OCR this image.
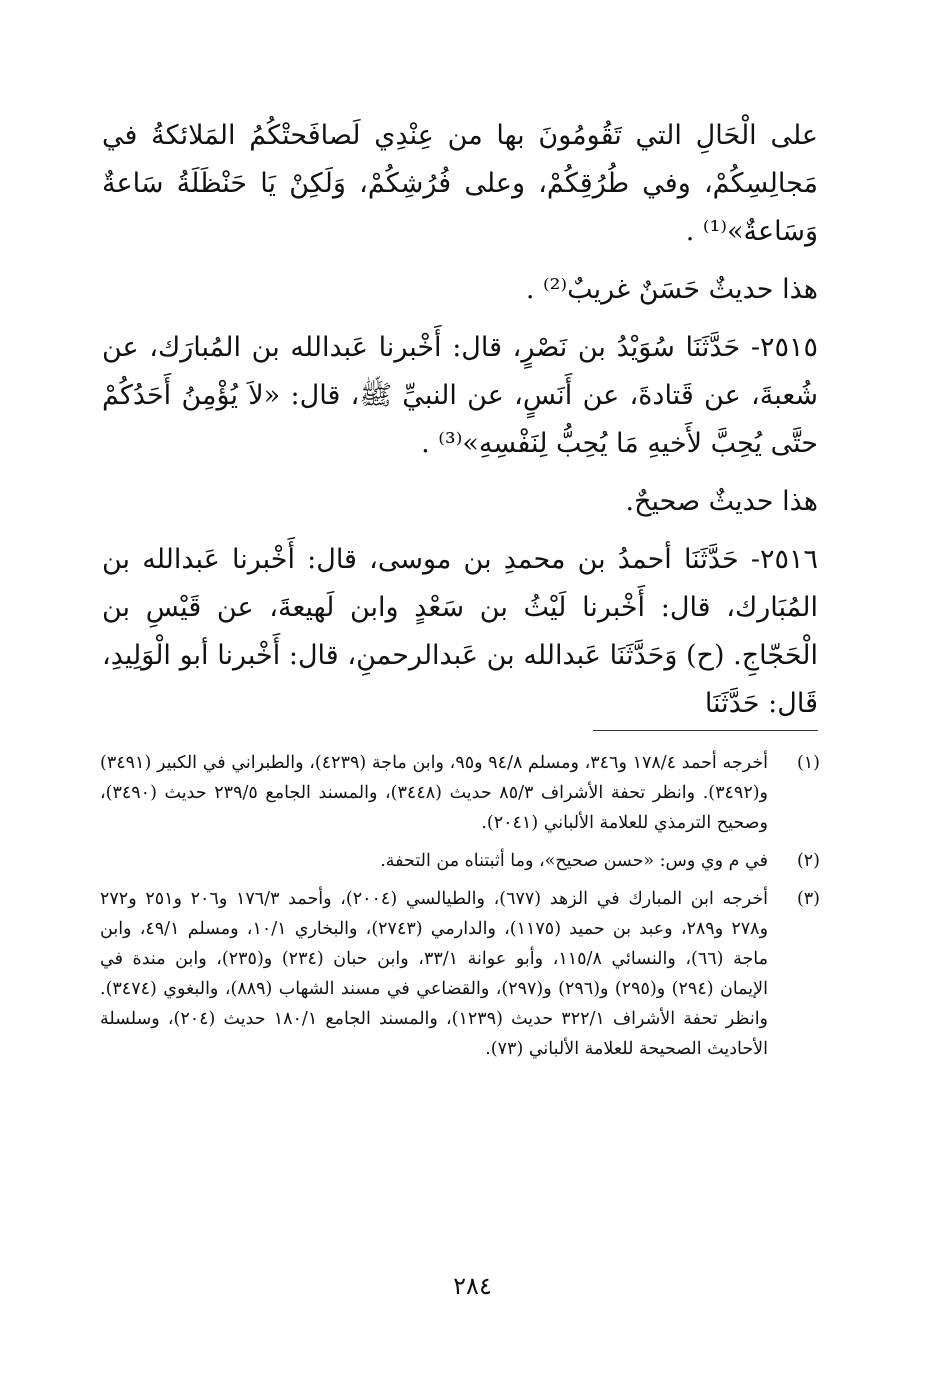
على الْحَالِ التي تَقُومُونَ بها من عِنْدِي لَصافَحتْكُمُ المَلائكةُ في مَجالِسِكُمْ، وفي طُرُقِكُمْ، وعلى فُرُشِكُمْ، وَلَكِنْ يَا حَنْظَلَةُ سَاعةٌ وَسَاعةٌ»⁽¹⁾ .

هذا حديثٌ حَسَنٌ غريبٌ⁽²⁾ .

٢٥١٥- حَدَّثَنَا سُوَيْدُ بن نَصْرٍ، قال: أَخْبرنا عَبدالله بن المُبارَك، عن شُعبةَ، عن قَتادةَ، عن أَنَسٍ، عن النبيِّ ﷺ، قال: «لاَ يُؤْمِنُ أَحَدُكُمْ حتَّى يُحِبَّ لأَخيهِ مَا يُحِبُّ لِنَفْسِهِ»⁽³⁾ .

هذا حديثٌ صحيحٌ.

٢٥١٦- حَدَّثَنَا أحمدُ بن محمدِ بن موسى، قال: أَخْبرنا عَبدالله بن المُبَارك، قال: أَخْبرنا لَيْثُ بن سَعْدٍ وابن لَهيعةَ، عن قَيْسِ بن الْحَجّاجِ. (ح) وَحَدَّثَنَا عَبدالله بن عَبدالرحمنِ، قال: أَخْبرنا أبو الْوَلِيدِ، قَال: حَدَّثَنَا

(١)
أخرجه أحمد ١٧٨/٤ و٣٤٦، ومسلم ٩٤/٨ و٩٥، وابن ماجة (٤٢٣٩)، والطبراني في الكبير (٣٤٩١) و(٣٤٩٢). وانظر تحفة الأشراف ٨٥/٣ حديث (٣٤٤٨)، والمسند الجامع ٢٣٩/٥ حديث (٣٤٩٠)، وصحيح الترمذي للعلامة الألباني (٢٠٤١).
(٢)
في م وي وس: «حسن صحيح»، وما أثبتناه من التحفة.
(٣)
أخرجه ابن المبارك في الزهد (٦٧٧)، والطيالسي (٢٠٠٤)، وأحمد ١٧٦/٣ و٢٠٦ و٢٥١ و٢٧٢ و٢٧٨ و٢٨٩، وعبد بن حميد (١١٧٥)، والدارمي (٢٧٤٣)، والبخاري ١٠/١، ومسلم ٤٩/١، وابن ماجة (٦٦)، والنسائي ١١٥/٨، وأبو عوانة ٣٣/١، وابن حبان (٢٣٤) و(٢٣٥)، وابن مندة في الإيمان (٢٩٤) و(٢٩٥) و(٢٩٦) و(٢٩٧)، والقضاعي في مسند الشهاب (٨٨٩)، والبغوي (٣٤٧٤). وانظر تحفة الأشراف ٣٢٢/١ حديث (١٢٣٩)، والمسند الجامع ١٨٠/١ حديث (٢٠٤)، وسلسلة الأحاديث الصحيحة للعلامة الألباني (٧٣).
٢٨٤
